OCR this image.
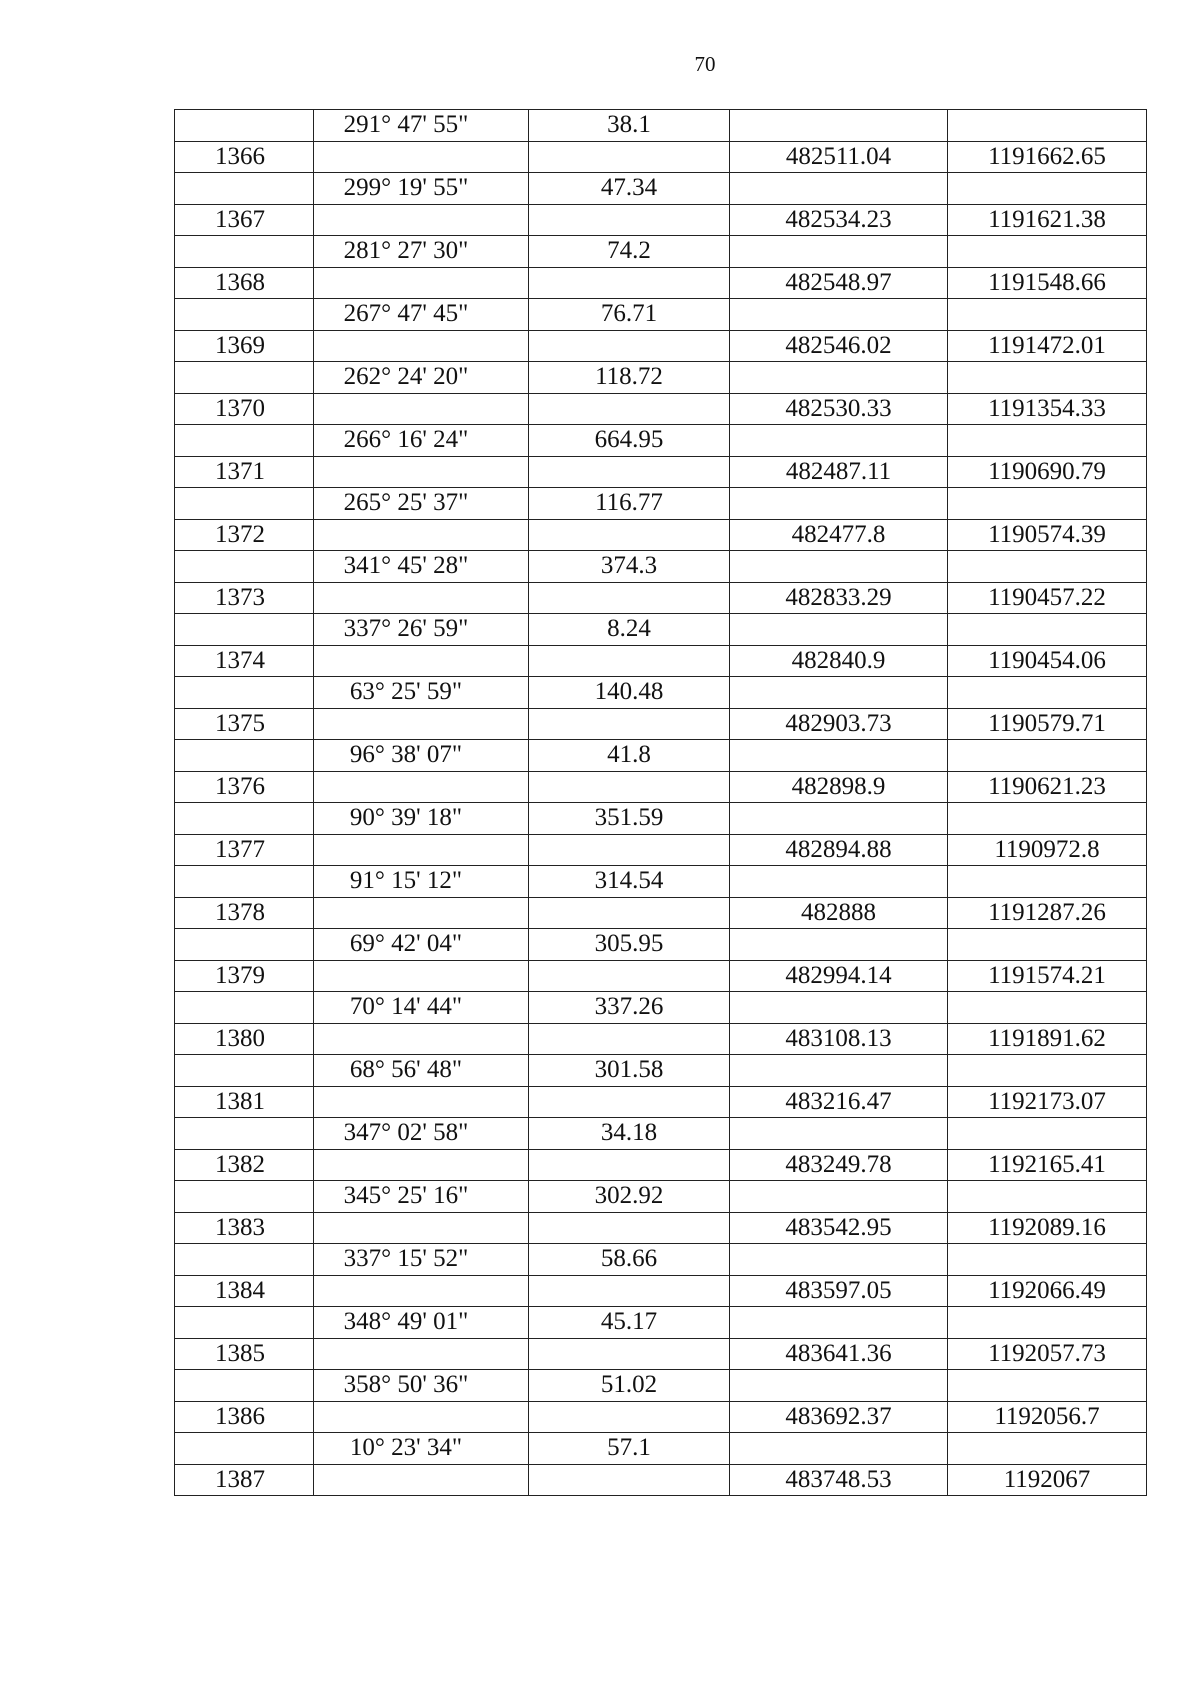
70
	291° 47' 55"	38.1		
1366			482511.04	1191662.65
	299° 19' 55"	47.34		
1367			482534.23	1191621.38
	281° 27' 30"	74.2		
1368			482548.97	1191548.66
	267° 47' 45"	76.71		
1369			482546.02	1191472.01
	262° 24' 20"	118.72		
1370			482530.33	1191354.33
	266° 16' 24"	664.95		
1371			482487.11	1190690.79
	265° 25' 37"	116.77		
1372			482477.8	1190574.39
	341° 45' 28"	374.3		
1373			482833.29	1190457.22
	337° 26' 59"	8.24		
1374			482840.9	1190454.06
	63° 25' 59"	140.48		
1375			482903.73	1190579.71
	96° 38' 07"	41.8		
1376			482898.9	1190621.23
	90° 39' 18"	351.59		
1377			482894.88	1190972.8
	91° 15' 12"	314.54		
1378			482888	1191287.26
	69° 42' 04"	305.95		
1379			482994.14	1191574.21
	70° 14' 44"	337.26		
1380			483108.13	1191891.62
	68° 56' 48"	301.58		
1381			483216.47	1192173.07
	347° 02' 58"	34.18		
1382			483249.78	1192165.41
	345° 25' 16"	302.92		
1383			483542.95	1192089.16
	337° 15' 52"	58.66		
1384			483597.05	1192066.49
	348° 49' 01"	45.17		
1385			483641.36	1192057.73
	358° 50' 36"	51.02		
1386			483692.37	1192056.7
	10° 23' 34"	57.1		
1387			483748.53	1192067
